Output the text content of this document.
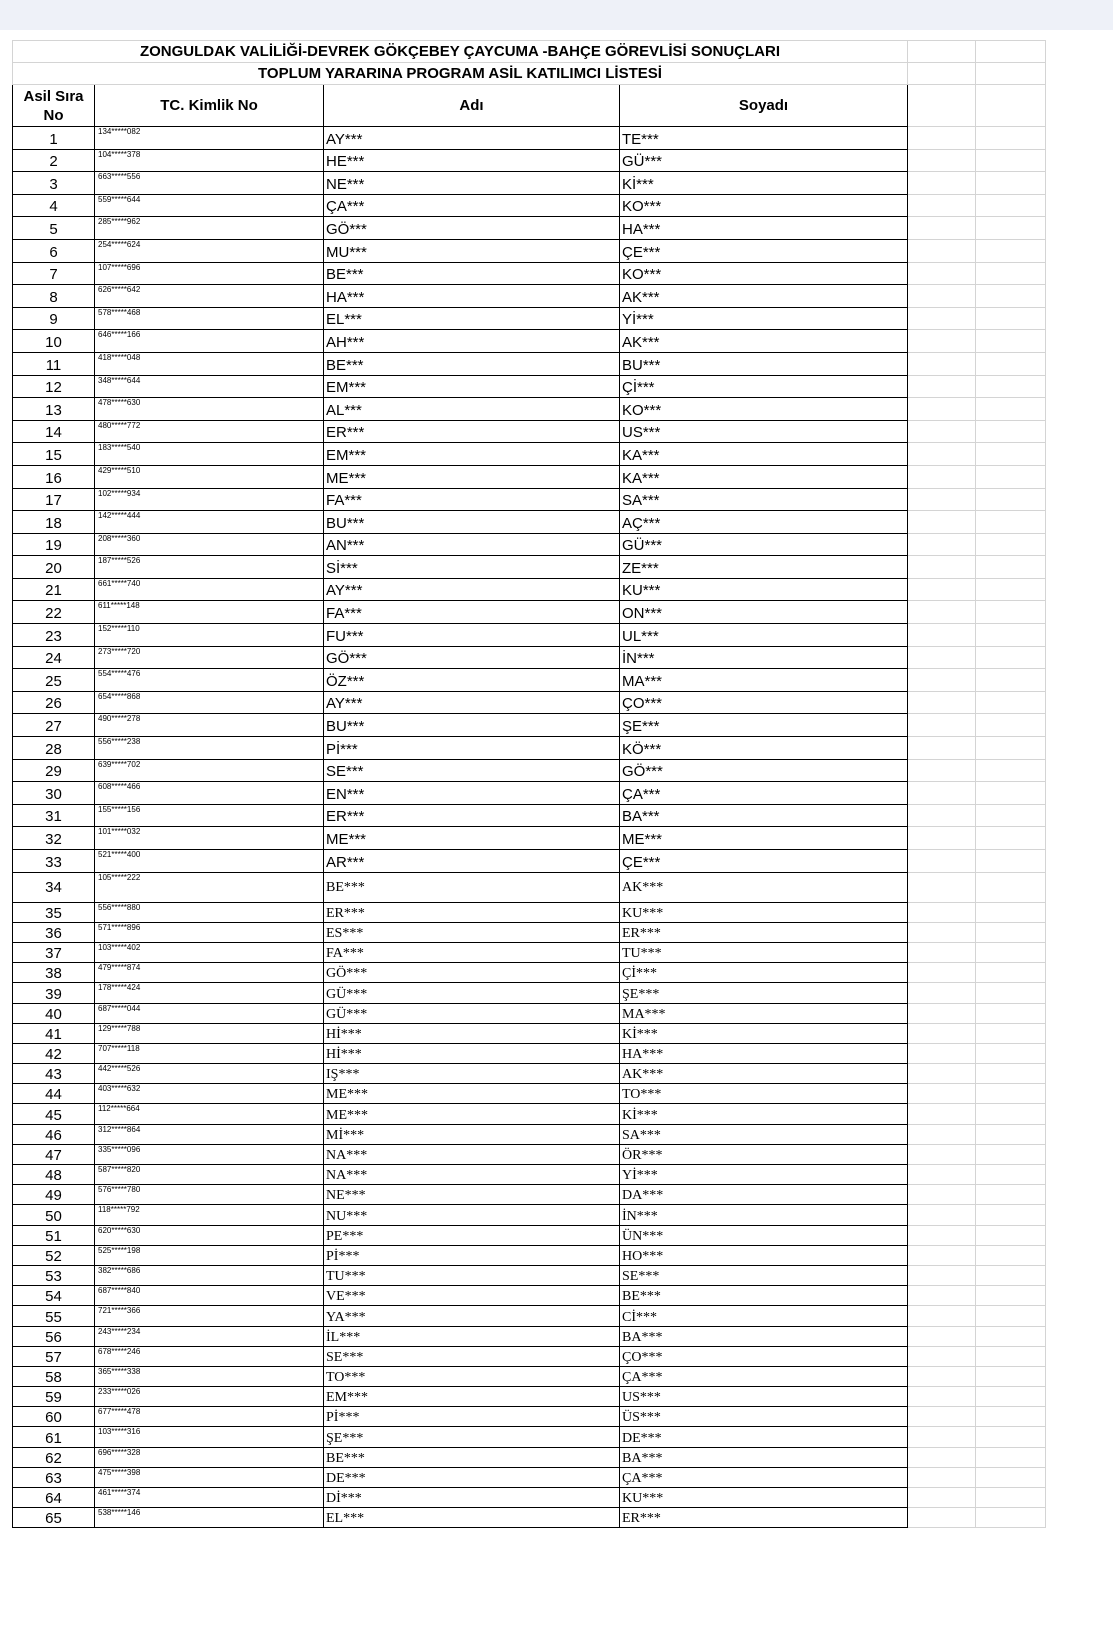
ZONGULDAK VALİLİĞİ-DEVREK GÖKÇEBEY ÇAYCUMA -BAHÇE GÖREVLİSİ SONUÇLARI					
TOPLUM YARARINA PROGRAM ASİL KATILIMCI LİSTESİ					
Asil Sıra No	TC. Kimlik No	Adı	Soyadı		
1	134*****082	AY***	TE***		
2	104*****378	HE***	GÜ***		
3	663*****556	NE***	Kİ***		
4	559*****644	ÇA***	KO***		
5	285*****962	GÖ***	HA***		
6	254*****624	MU***	ÇE***		
7	107*****696	BE***	KO***		
8	626*****642	HA***	AK***		
9	578*****468	EL***	Yİ***		
10	646*****166	AH***	AK***		
11	418*****048	BE***	BU***		
12	348*****644	EM***	Çİ***		
13	478*****630	AL***	KO***		
14	480*****772	ER***	US***		
15	183*****540	EM***	KA***		
16	429*****510	ME***	KA***		
17	102*****934	FA***	SA***		
18	142*****444	BU***	AÇ***		
19	208*****360	AN***	GÜ***		
20	187*****526	Sİ***	ZE***		
21	661*****740	AY***	KU***		
22	611*****148	FA***	ON***		
23	152*****110	FU***	UL***		
24	273*****720	GÖ***	İN***		
25	554*****476	ÖZ***	MA***		
26	654*****868	AY***	ÇO***		
27	490*****278	BU***	ŞE***		
28	556*****238	Pİ***	KÖ***		
29	639*****702	SE***	GÖ***		
30	608*****466	EN***	ÇA***		
31	155*****156	ER***	BA***		
32	101*****032	ME***	ME***		
33	521*****400	AR***	ÇE***		
34	105*****222	BE***	AK***		
35	556*****880	ER***	KU***		
36	571*****896	ES***	ER***		
37	103*****402	FA***	TU***		
38	479*****874	GÖ***	Çİ***		
39	178*****424	GÜ***	ŞE***		
40	687*****044	GÜ***	MA***		
41	129*****788	Hİ***	Kİ***		
42	707*****118	Hİ***	HA***		
43	442*****526	IŞ***	AK***		
44	403*****632	ME***	TO***		
45	112*****664	ME***	Kİ***		
46	312*****864	Mİ***	SA***		
47	335*****096	NA***	ÖR***		
48	587*****820	NA***	Yİ***		
49	576*****780	NE***	DA***		
50	118*****792	NU***	İN***		
51	620*****630	PE***	ÜN***		
52	525*****198	Pİ***	HO***		
53	382*****686	TU***	SE***		
54	687*****840	VE***	BE***		
55	721*****366	YA***	Cİ***		
56	243*****234	İL***	BA***		
57	678*****246	SE***	ÇO***		
58	365*****338	TO***	ÇA***		
59	233*****026	EM***	US***		
60	677*****478	Pİ***	ÜS***		
61	103*****316	ŞE***	DE***		
62	696*****328	BE***	BA***		
63	475*****398	DE***	ÇA***		
64	461*****374	Dİ***	KU***		
65	538*****146	EL***	ER***		
